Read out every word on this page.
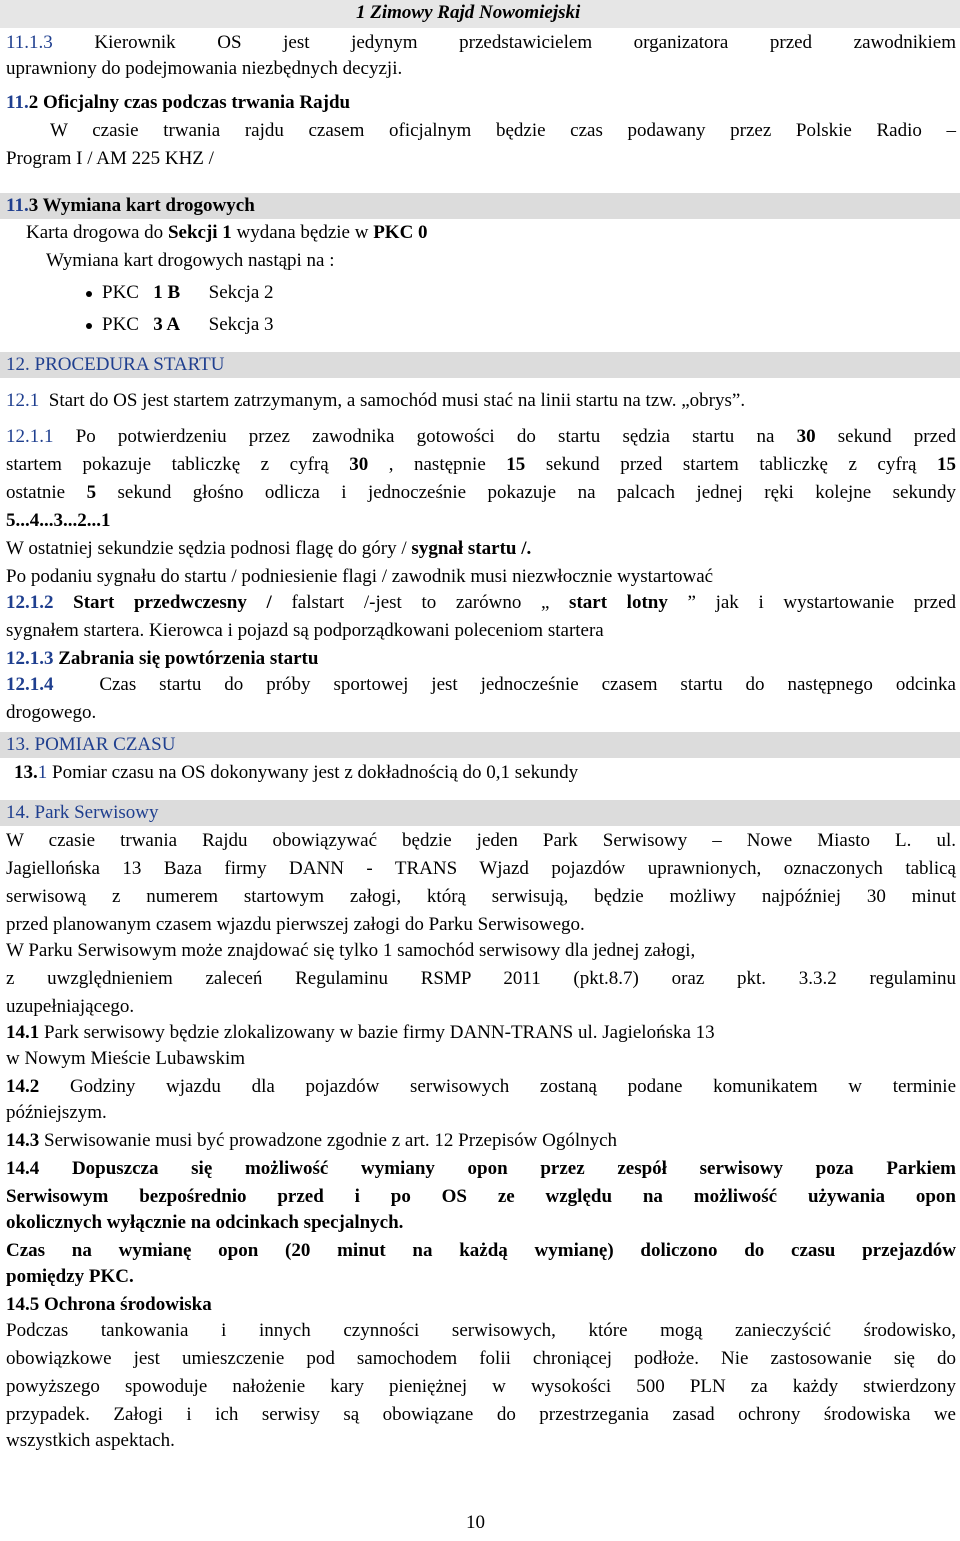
1 Zimowy Rajd Nowomiejski
11.1.3 Kierownik OS jest jedynym przedstawicielem organizatora przed zawodnikiem
uprawniony do podejmowania niezbędnych decyzji.
11.2 Oficjalny czas podczas trwania Rajdu
W czasie trwania rajdu czasem oficjalnym będzie czas podawany przez Polskie Radio –
Program I / AM 225 KHZ /
11.3 Wymiana kart drogowych
Karta drogowa do Sekcji 1 wydana będzie w PKC 0
Wymiana kart drogowych nastąpi na :
PKC 1 B Sekcja 2
PKC 3 A Sekcja 3
12. PROCEDURA STARTU
12.1 Start do OS jest startem zatrzymanym, a samochód musi stać na linii startu na tzw. „obrys”.
12.1.1 Po potwierdzeniu przez zawodnika gotowości do startu sędzia startu na 30 sekund przed
startem pokazuje tabliczkę z cyfrą 30 , następnie 15 sekund przed startem tabliczkę z cyfrą 15
ostatnie 5 sekund głośno odlicza i jednocześnie pokazuje na palcach jednej ręki kolejne sekundy
5...4...3...2...1
W ostatniej sekundzie sędzia podnosi flagę do góry / sygnał startu /.
Po podaniu sygnału do startu / podniesienie flagi / zawodnik musi niezwłocznie wystartować
12.1.2 Start przedwczesny / falstart /-jest to zarówno „ start lotny ” jak i wystartowanie przed
sygnałem startera. Kierowca i pojazd są podporządkowani poleceniom startera
12.1.3 Zabrania się powtórzenia startu
12.1.4 Czas startu do próby sportowej jest jednocześnie czasem startu do następnego odcinka
drogowego.
13. POMIAR CZASU
13.1 Pomiar czasu na OS dokonywany jest z dokładnością do 0,1 sekundy
14. Park Serwisowy
W czasie trwania Rajdu obowiązywać będzie jeden Park Serwisowy – Nowe Miasto L. ul.
Jagiellońska 13 Baza firmy DANN - TRANS Wjazd pojazdów uprawnionych, oznaczonych tablicą
serwisową z numerem startowym załogi, którą serwisują, będzie możliwy najpóźniej 30 minut
przed planowanym czasem wjazdu pierwszej załogi do Parku Serwisowego.
W Parku Serwisowym może znajdować się tylko 1 samochód serwisowy dla jednej załogi,
z uwzględnieniem zaleceń Regulaminu RSMP 2011 (pkt.8.7) oraz pkt. 3.3.2 regulaminu
uzupełniającego.
14.1 Park serwisowy będzie zlokalizowany w bazie firmy DANN-TRANS ul. Jagielońska 13
w Nowym Mieście Lubawskim
14.2 Godziny wjazdu dla pojazdów serwisowych zostaną podane komunikatem w terminie
późniejszym.
14.3 Serwisowanie musi być prowadzone zgodnie z art. 12 Przepisów Ogólnych
14.4 Dopuszcza się możliwość wymiany opon przez zespół serwisowy poza Parkiem
Serwisowym bezpośrednio przed i po OS ze względu na możliwość używania opon
okolicznych wyłącznie na odcinkach specjalnych.
Czas na wymianę opon (20 minut na każdą wymianę) doliczono do czasu przejazdów
pomiędzy PKC.
14.5 Ochrona środowiska
Podczas tankowania i innych czynności serwisowych, które mogą zanieczyścić środowisko,
obowiązkowe jest umieszczenie pod samochodem folii chroniącej podłoże. Nie zastosowanie się do
powyższego spowoduje nałożenie kary pieniężnej w wysokości 500 PLN za każdy stwierdzony
przypadek. Załogi i ich serwisy są obowiązane do przestrzegania zasad ochrony środowiska we
wszystkich aspektach.
10
